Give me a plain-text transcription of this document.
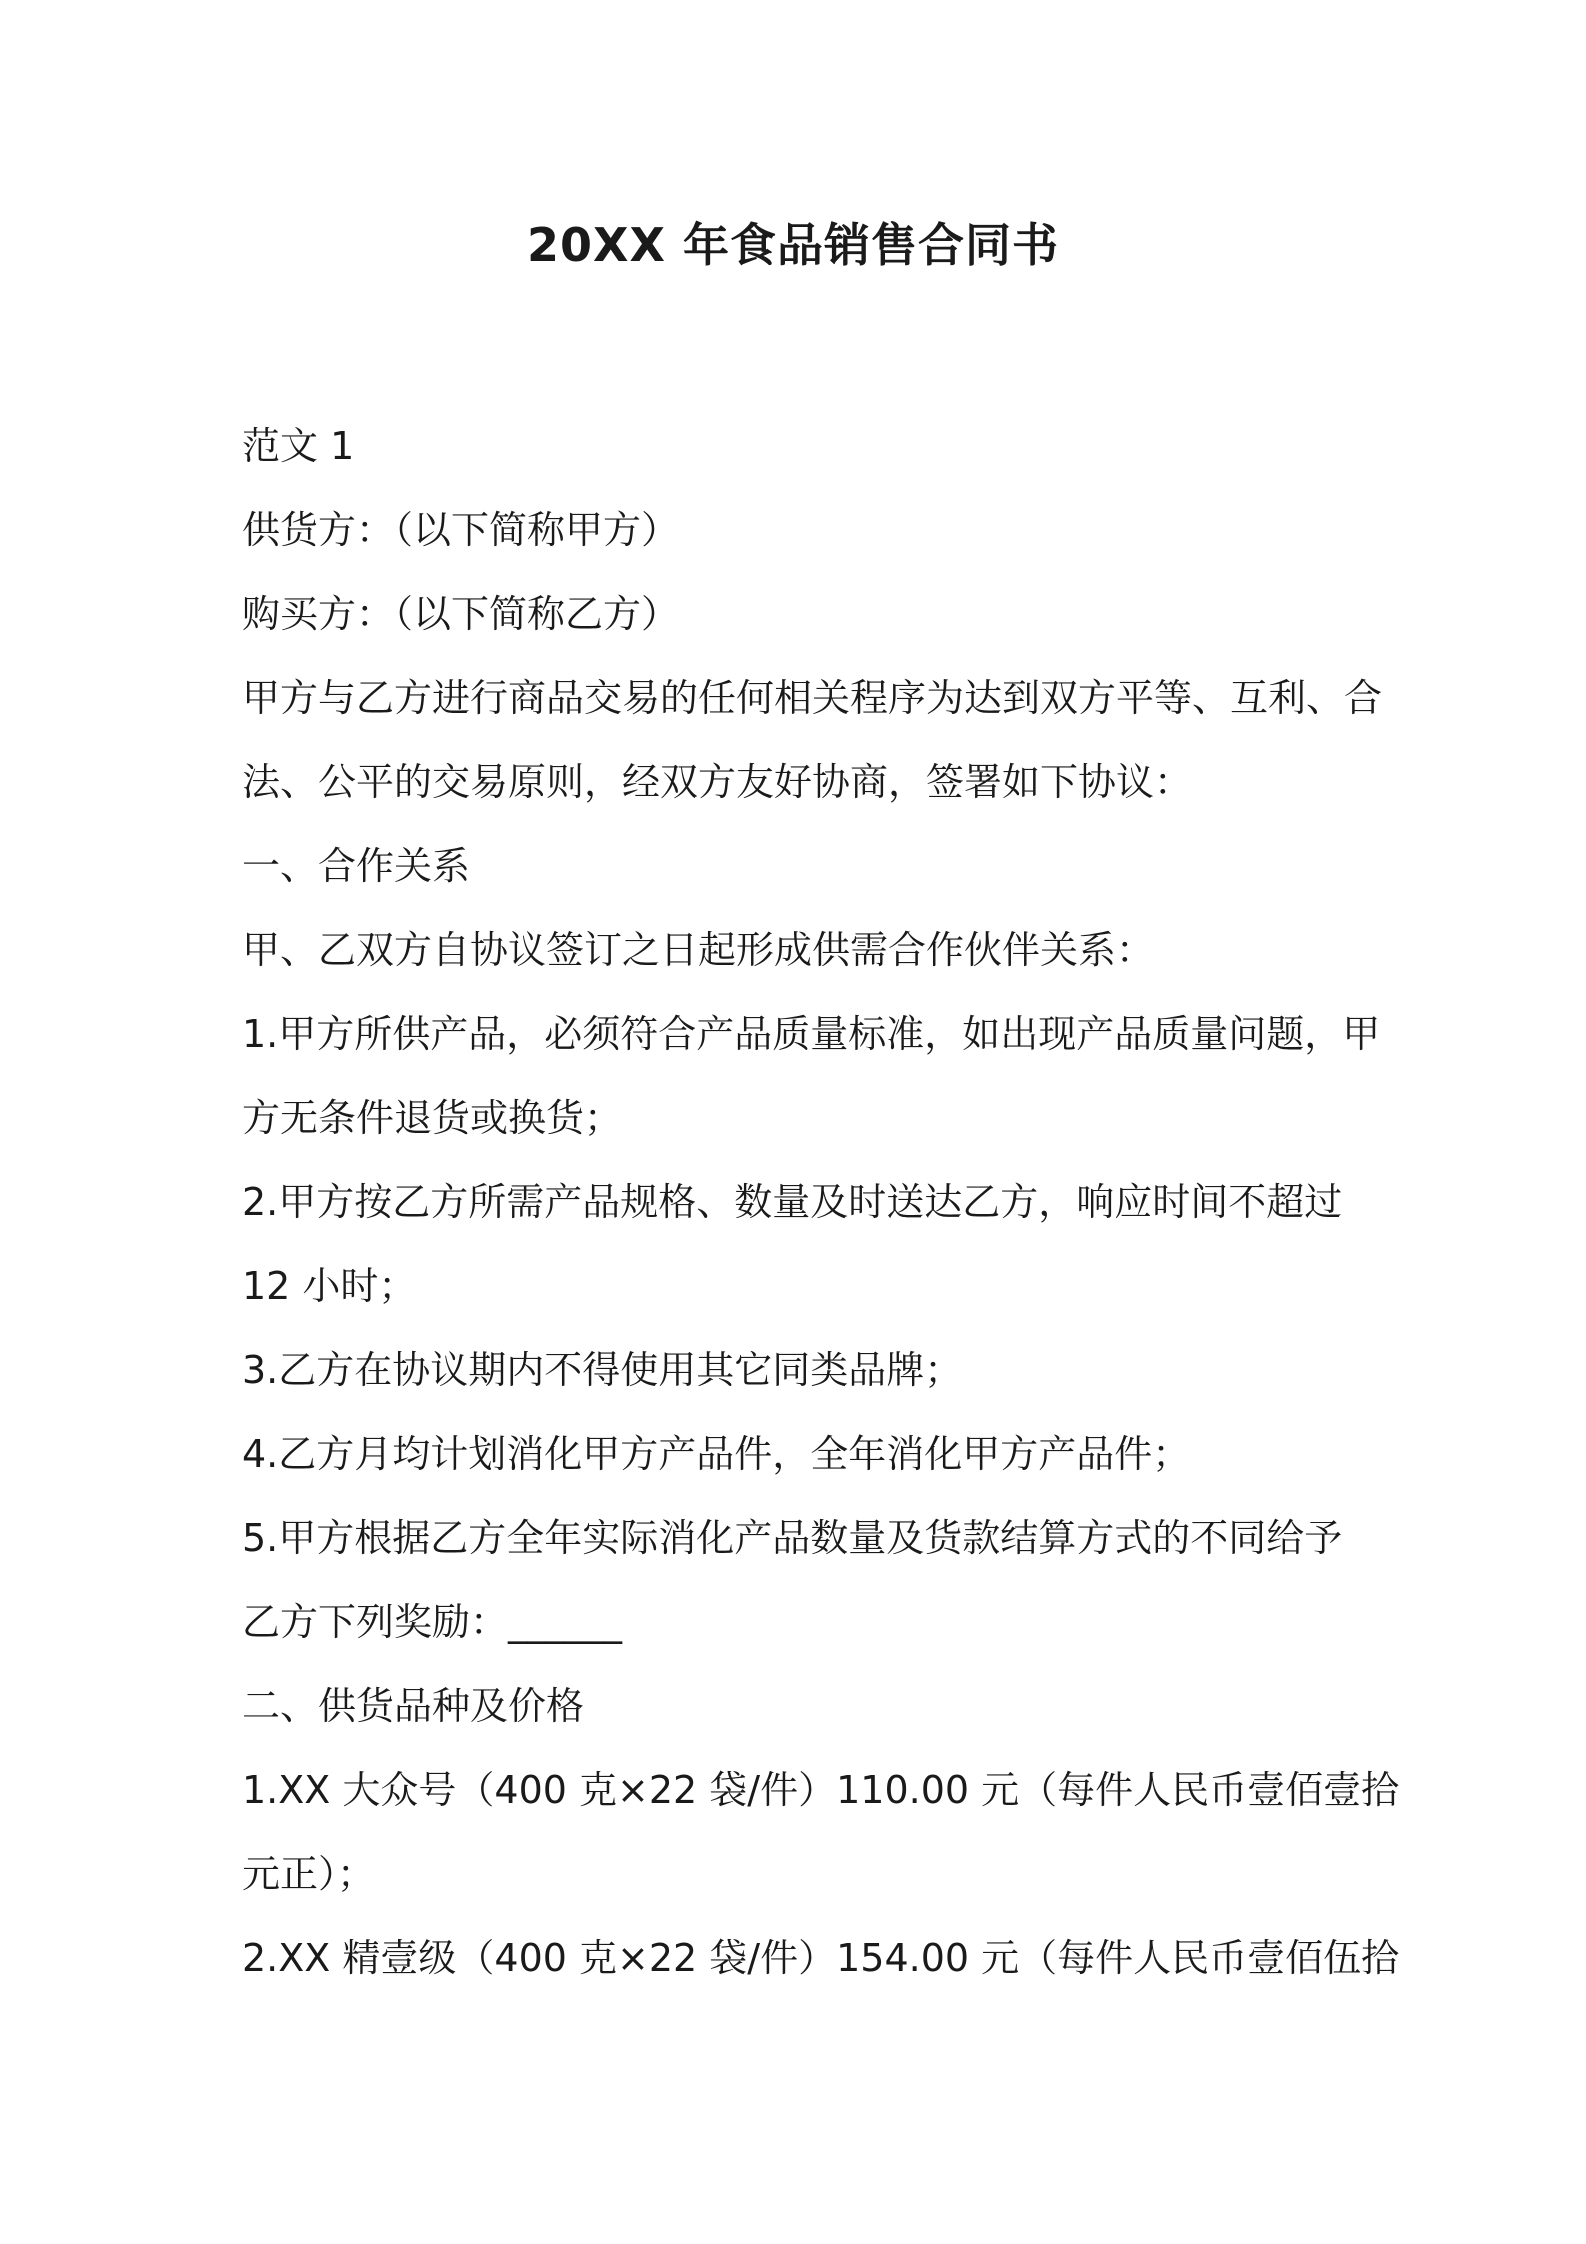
20XX 年食品销售合同书

范文 1

供货方：（以下简称甲方）

购买方：（以下简称乙方）

甲方与乙方进行商品交易的任何相关程序为达到双方平等、互利、合

法、公平的交易原则，经双方友好协商，签署如下协议：

一、合作关系

甲、乙双方自协议签订之日起形成供需合作伙伴关系：

1.甲方所供产品，必须符合产品质量标准，如出现产品质量问题，甲

方无条件退货或换货；

2.甲方按乙方所需产品规格、数量及时送达乙方，响应时间不超过

12 小时；

3.乙方在协议期内不得使用其它同类品牌；

4.乙方月均计划消化甲方产品件，全年消化甲方产品件；

5.甲方根据乙方全年实际消化产品数量及货款结算方式的不同给予

乙方下列奖励：______

二、供货品种及价格

1.XX 大众号（400 克×22 袋/件）110.00 元（每件人民币壹佰壹拾

元正）；

2.XX 精壹级（400 克×22 袋/件）154.00 元（每件人民币壹佰伍拾
